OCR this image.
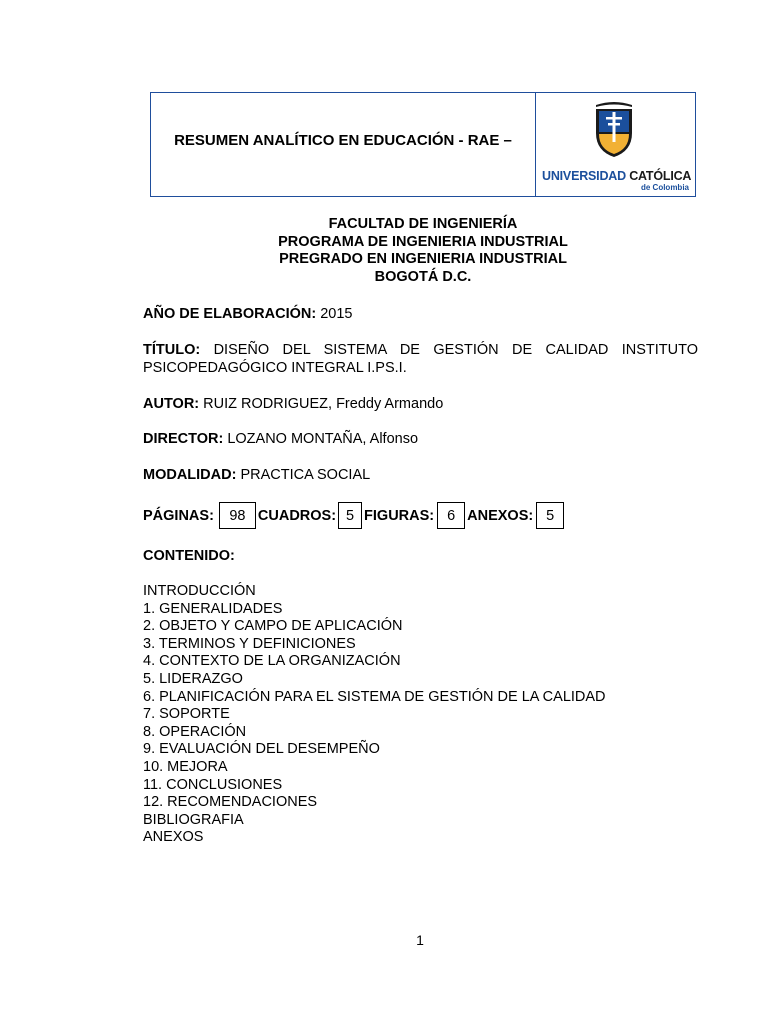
RESUMEN ANALÍTICO EN EDUCACIÓN - RAE –
UNIVERSIDAD CATÓLICA
de Colombia
FACULTAD DE INGENIERÍA
PROGRAMA DE INGENIERIA INDUSTRIAL
PREGRADO EN INGENIERIA INDUSTRIAL
BOGOTÁ D.C.
AÑO DE ELABORACIÓN: 2015
TÍTULO: DISEÑO DEL SISTEMA DE GESTIÓN DE CALIDAD INSTITUTO
PSICOPEDAGÓGICO INTEGRAL I.PS.I.
AUTOR: RUIZ RODRIGUEZ, Freddy Armando
DIRECTOR: LOZANO MONTAÑA, Alfonso
MODALIDAD: PRACTICA SOCIAL
PÁGINAS:	98 CUADROS: 5 FIGURAS: 6 ANEXOS: 5
CONTENIDO:
INTRODUCCIÓN
1. GENERALIDADES
2. OBJETO Y CAMPO DE APLICACIÓN
3. TERMINOS Y DEFINICIONES
4. CONTEXTO DE LA ORGANIZACIÓN
5. LIDERAZGO
6. PLANIFICACIÓN PARA EL SISTEMA DE GESTIÓN DE LA CALIDAD
7. SOPORTE
8. OPERACIÓN
9. EVALUACIÓN DEL DESEMPEÑO
10. MEJORA
11. CONCLUSIONES
12. RECOMENDACIONES
BIBLIOGRAFIA
ANEXOS
1
